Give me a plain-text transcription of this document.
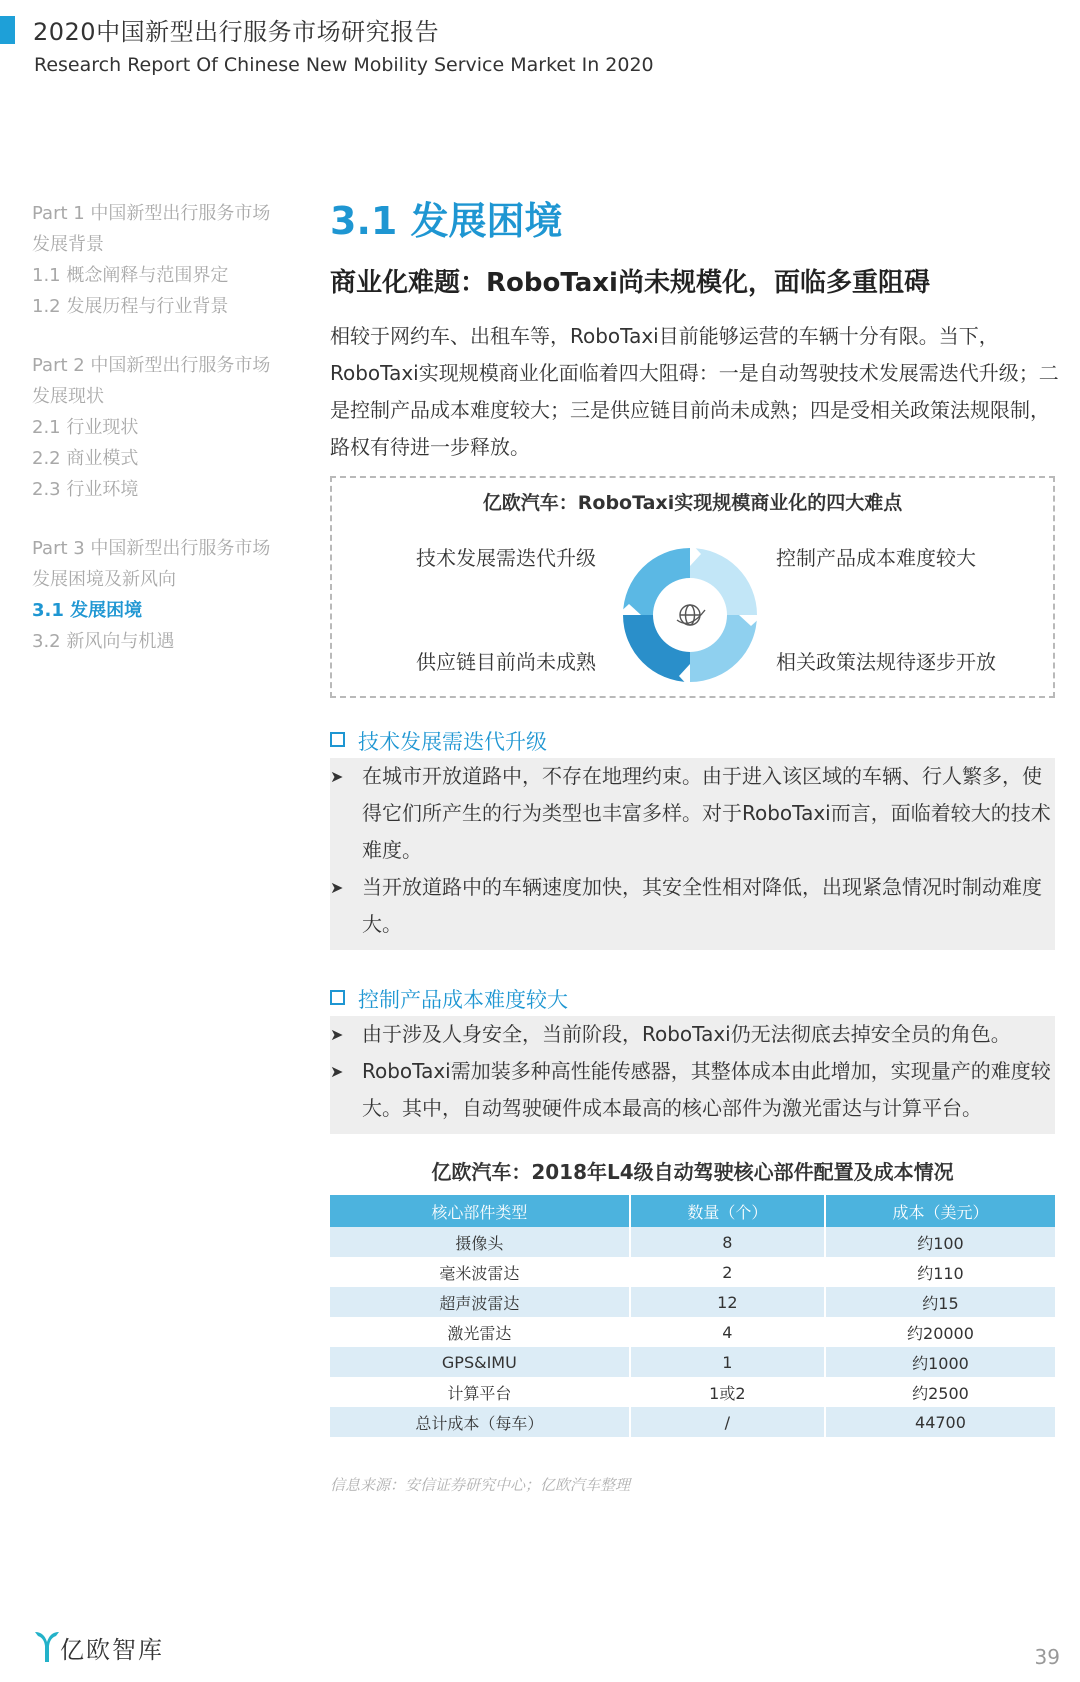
2020中国新型出行服务市场研究报告
Research Report Of Chinese New Mobility Service Market In 2020
Part 1 中国新型出行服务市场
发展背景
1.1 概念阐释与范围界定
1.2 发展历程与行业背景
Part 2 中国新型出行服务市场
发展现状
2.1 行业现状
2.2 商业模式
2.3 行业环境
Part 3 中国新型出行服务市场
发展困境及新风向
3.1 发展困境
3.2 新风向与机遇
3.1 发展困境
商业化难题：RoboTaxi尚未规模化，面临多重阻碍
相较于网约车、出租车等，RoboTaxi目前能够运营的车辆十分有限。当下，RoboTaxi实现规模商业化面临着四大阻碍：一是自动驾驶技术发展需迭代升级；二是控制产品成本难度较大；三是供应链目前尚未成熟；四是受相关政策法规限制，路权有待进一步释放。
亿欧汽车：RoboTaxi实现规模商业化的四大难点
技术发展需迭代升级	控制产品成本难度较大
供应链目前尚未成熟	相关政策法规待逐步开放
技术发展需迭代升级
➤ 在城市开放道路中，不存在地理约束。由于进入该区域的车辆、行人繁多，使得它们所产生的行为类型也丰富多样。对于RoboTaxi而言，面临着较大的技术难度。
➤ 当开放道路中的车辆速度加快，其安全性相对降低，出现紧急情况时制动难度大。
控制产品成本难度较大
➤ 由于涉及人身安全，当前阶段，RoboTaxi仍无法彻底去掉安全员的角色。
➤ RoboTaxi需加装多种高性能传感器，其整体成本由此增加，实现量产的难度较大。其中，自动驾驶硬件成本最高的核心部件为激光雷达与计算平台。
亿欧汽车：2018年L4级自动驾驶核心部件配置及成本情况
核心部件类型	数量（个）	成本（美元）
摄像头	8	约100
毫米波雷达	2	约110
超声波雷达	12	约15
激光雷达	4	约20000
GPS&IMU	1	约1000
计算平台	1或2	约2500
总计成本（每车）	/	44700
信息来源：安信证券研究中心；亿欧汽车整理
亿欧智库	39
